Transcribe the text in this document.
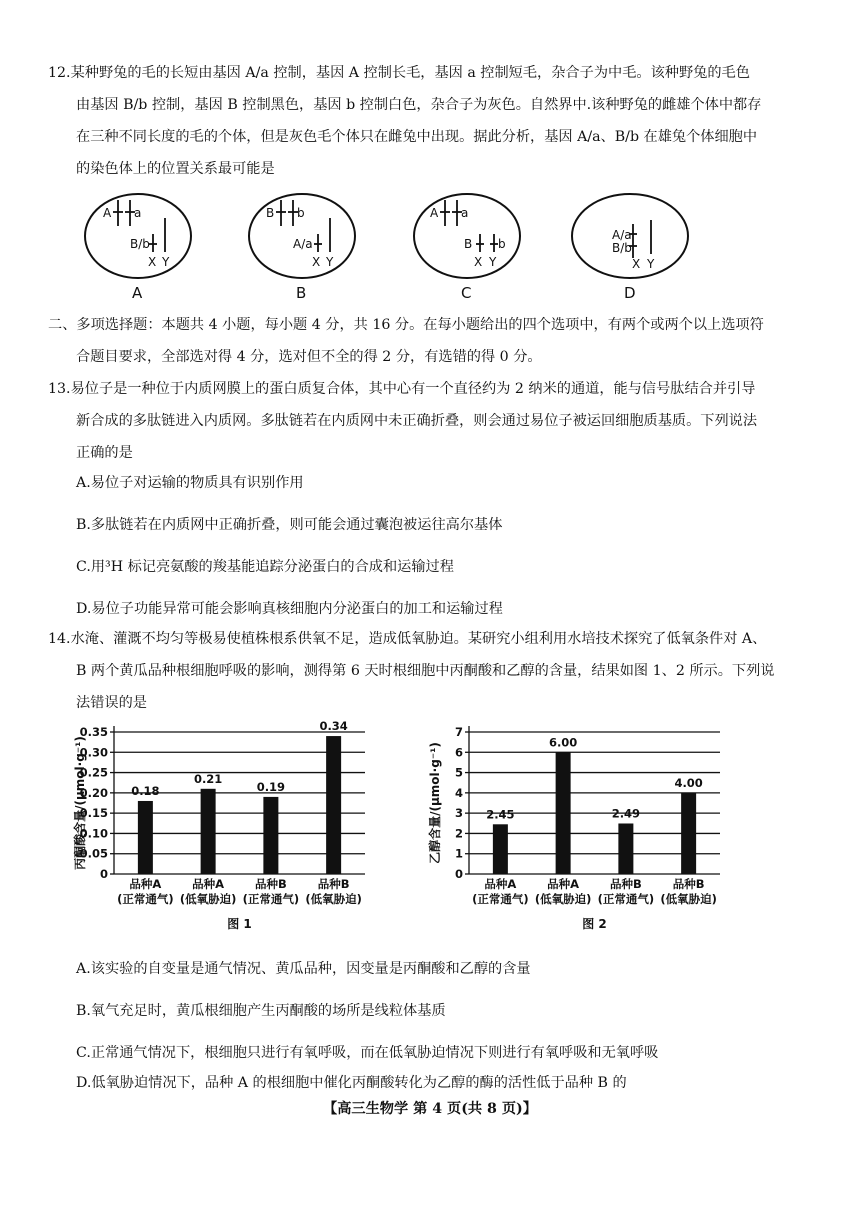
12.某种野兔的毛的长短由基因 A/a 控制，基因 A 控制长毛，基因 a 控制短毛，杂合子为中毛。该种野兔的毛色
由基因 B/b 控制，基因 B 控制黑色，基因 b 控制白色，杂合子为灰色。自然界中.该种野兔的雌雄个体中都存
在三种不同长度的毛的个体，但是灰色毛个体只在雌兔中出现。据此分析，基因 A/a、B/b 在雄兔个体细胞中
的染色体上的位置关系最可能是
A a
B/b
X Y
A
B b
A/a
X Y
B
A a
B b
X Y
C
A/a
B/b
X Y
D
二、多项选择题：本题共 4 小题，每小题 4 分，共 16 分。在每小题给出的四个选项中，有两个或两个以上选项符
合题目要求，全部选对得 4 分，选对但不全的得 2 分，有选错的得 0 分。
13.易位子是一种位于内质网膜上的蛋白质复合体，其中心有一个直径约为 2 纳米的通道，能与信号肽结合并引导
新合成的多肽链进入内质网。多肽链若在内质网中未正确折叠，则会通过易位子被运回细胞质基质。下列说法
正确的是
A.易位子对运输的物质具有识别作用
B.多肽链若在内质网中正确折叠，则可能会通过囊泡被运往高尔基体
C.用³H 标记亮氨酸的羧基能追踪分泌蛋白的合成和运输过程
D.易位子功能异常可能会影响真核细胞内分泌蛋白的加工和运输过程
14.水淹、灌溉不均匀等极易使植株根系供氧不足，造成低氧胁迫。某研究小组利用水培技术探究了低氧条件对 A、
B 两个黄瓜品种根细胞呼吸的影响，测得第 6 天时根细胞中丙酮酸和乙醇的含量，结果如图 1、2 所示。下列说
法错误的是
0
0.05
0.10
0.15
0.20
0.25
0.30
0.35
丙酮酸含量/(μmol·g⁻¹)	0.18
品种A
(正常通气)
0.21
品种A
(低氧胁迫)
0.19
品种B
(正常通气)
0.34
品种B
(低氧胁迫)
图 1
0
1
2
3
4
5
6
7
乙醇含量/(μmol·g⁻¹)	2.45
品种A
(正常通气)
6.00
品种A
(低氧胁迫)
2.49
品种B
(正常通气)
4.00
品种B
(低氧胁迫)
图 2
A.该实验的自变量是通气情况、黄瓜品种，因变量是丙酮酸和乙醇的含量
B.氧气充足时，黄瓜根细胞产生丙酮酸的场所是线粒体基质
C.正常通气情况下，根细胞只进行有氧呼吸，而在低氧胁迫情况下则进行有氧呼吸和无氧呼吸
D.低氧胁迫情况下，品种 A 的根细胞中催化丙酮酸转化为乙醇的酶的活性低于品种 B 的
【高三生物学 第 4 页(共 8 页)】
